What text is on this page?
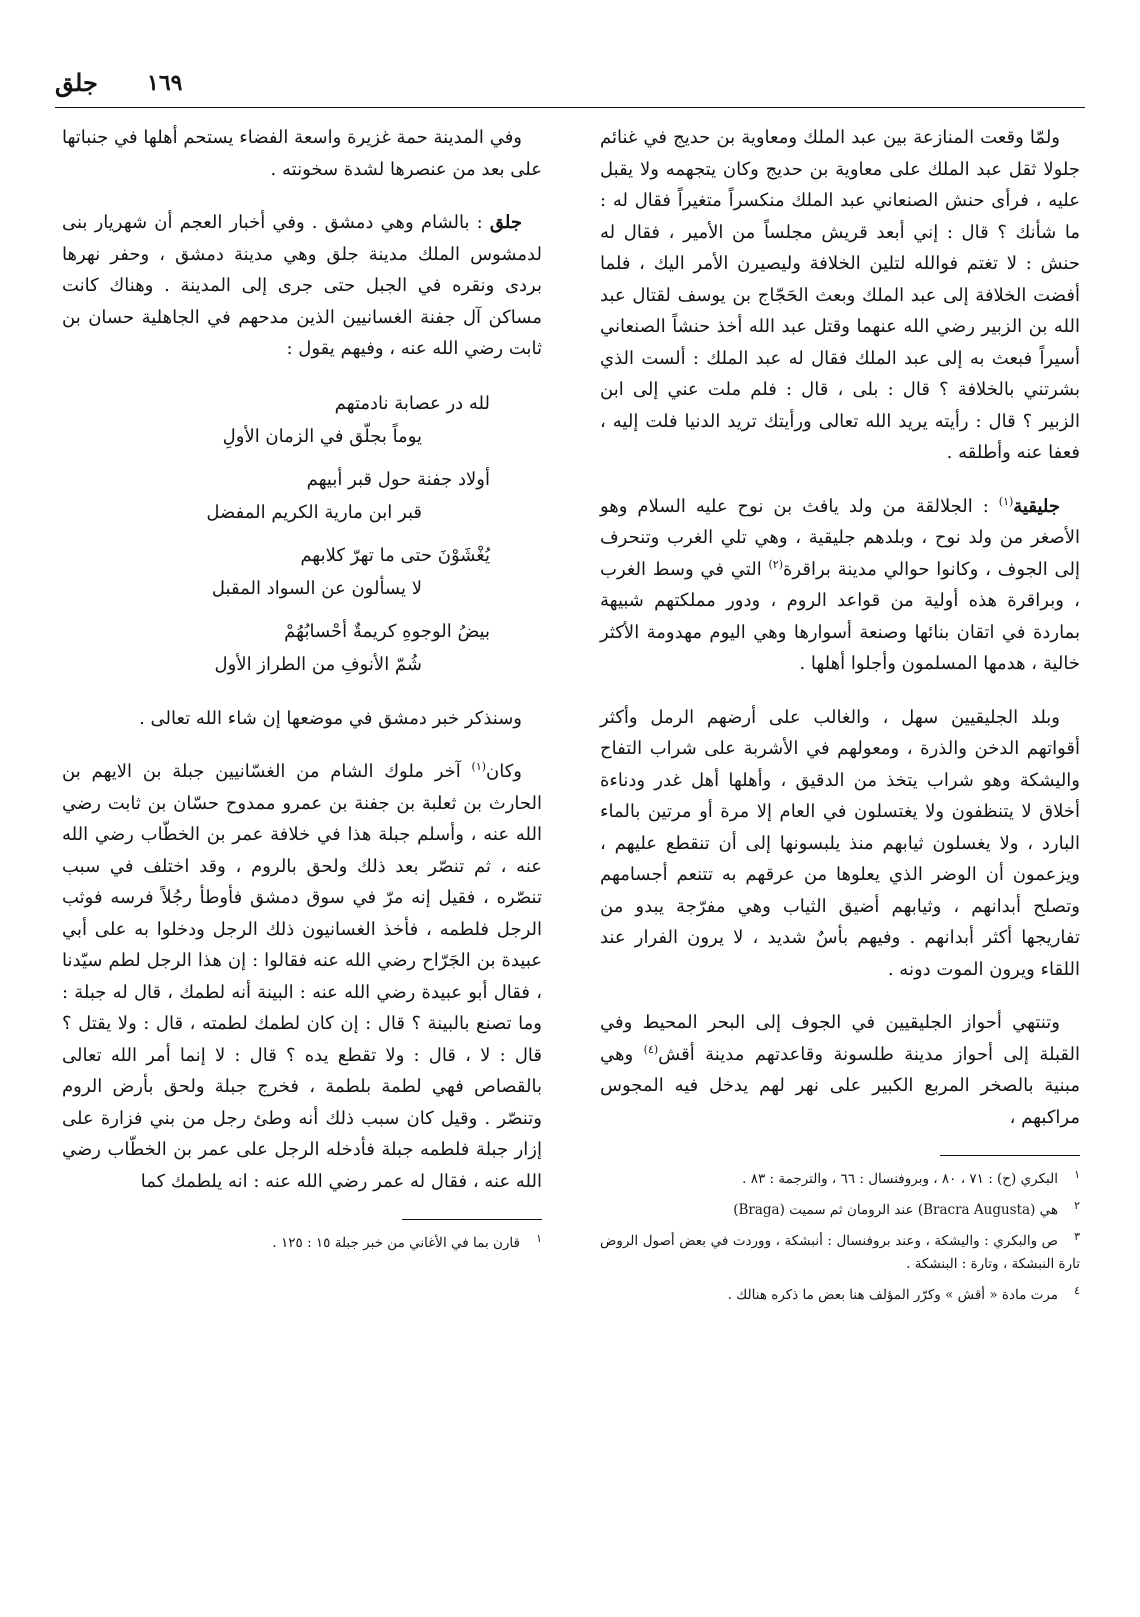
جلق ١٦٩

ولمّا وقعت المنازعة بين عبد الملك ومعاوية بن حديج في غنائم جلولا ثقل عبد الملك على معاوية بن حديج وكان يتجهمه ولا يقبل عليه ، فرأى حنش الصنعاني عبد الملك منكسراً متغيراً فقال له : ما شأنك ؟ قال : إني أبعد قريش مجلساً من الأمير ، فقال له حنش : لا تغتم فوالله لتلين الخلافة وليصيرن الأمر اليك ، فلما أفضت الخلافة إلى عبد الملك وبعث الحَجّاج بن يوسف لقتال عبد الله بن الزبير رضي الله عنهما وقتل عبد الله أخذ حنشاً الصنعاني أسيراً فبعث به إلى عبد الملك فقال له عبد الملك : ألست الذي بشرتني بالخلافة ؟ قال : بلى ، قال : فلم ملت عني إلى ابن الزبير ؟ قال : رأيته يريد الله تعالى ورأيتك تريد الدنيا فلت إليه ، فعفا عنه وأطلقه .

جليقية$^{(١)}$ : الجلالقة من ولد يافث بن نوح عليه السلام وهو الأصغر من ولد نوح ، وبلدهم جليقية ، وهي تلي الغرب وتنحرف إلى الجوف ، وكانوا حوالي مدينة براقرة$^{(٢)}$ التي في وسط الغرب ، وبراقرة هذه أولية من قواعد الروم ، ودور مملكتهم شبيهة بماردة في اتقان بنائها وصنعة أسوارها وهي اليوم مهدومة الأكثر خالية ، هدمها المسلمون وأجلوا أهلها .

وبلد الجليقيين سهل ، والغالب على أرضهم الرمل وأكثر أقواتهم الدخن والذرة ، ومعولهم في الأشربة على شراب التفاح واليشكة وهو شراب يتخذ من الدقيق ، وأهلها أهل غدر ودناءة أخلاق لا يتنظفون ولا يغتسلون في العام إلا مرة أو مرتين بالماء البارد ، ولا يغسلون ثيابهم منذ يلبسونها إلى أن تنقطع عليهم ، ويزعمون أن الوضر الذي يعلوها من عرقهم به تتنعم أجسامهم وتصلح أبدانهم ، وثيابهم أضيق الثياب وهي مفرّجة يبدو من تفاريجها أكثر أبدانهم . وفيهم بأسٌ شديد ، لا يرون الفرار عند اللقاء ويرون الموت دونه .

وتنتهي أحواز الجليقيين في الجوف إلى البحر المحيط وفي القبلة إلى أحواز مدينة طلسونة وقاعدتهم مدينة أقش$^{(٤)}$ وهي مبنية بالصخر المربع الكبير على نهر لهم يدخل فيه المجوس مراكبهم ،

١البكري (ح) : ٧١ ، ٨٠ ، وبروفنسال : ٦٦ ، والترجمة : ٨٣ .

٢هي (Bracra Augusta) عند الرومان ثم سميت (Braga)

٣ص والبكري : واليشكة ، وعند بروفنسال : أنبشكة ، ووردت في بعض أصول الروض تارة النبشكة ، وتارة : البنشكة .

٤مرت مادة « أقش » وكرّر المؤلف هنا بعض ما ذكره هنالك .

وفي المدينة حمة غزيرة واسعة الفضاء يستحم أهلها في جنباتها على بعد من عنصرها لشدة سخونته .

جلق : بالشام وهي دمشق . وفي أخبار العجم أن شهريار بنى لدمشوس الملك مدينة جلق وهي مدينة دمشق ، وحفر نهرها بردى ونقره في الجبل حتى جرى إلى المدينة . وهناك كانت مساكن آل جفنة الغسانيين الذين مدحهم في الجاهلية حسان بن ثابت رضي الله عنه ، وفيهم يقول :

لله در عصابة نادمتهم
يوماً بجلّق في الزمان الأولِ
أولاد جفنة حول قبر أبيهم
قبر ابن مارية الكريم المفضل
يُغْشَوْنَ حتى ما تهرّ كلابهم
لا يسألون عن السواد المقبل
بيضُ الوجوهِ كريمةٌ أحْسابُهُمْ
شُمّ الأنوفِ من الطراز الأول

وسنذكر خبر دمشق في موضعها إن شاء الله تعالى .

وكان$^{(١)}$ آخر ملوك الشام من الغسّانيين جبلة بن الايهم بن الحارث بن ثعلبة بن جفنة بن عمرو ممدوح حسّان بن ثابت رضي الله عنه ، وأسلم جبلة هذا في خلافة عمر بن الخطّاب رضي الله عنه ، ثم تنصّر بعد ذلك ولحق بالروم ، وقد اختلف في سبب تنصّره ، فقيل إنه مرّ في سوق دمشق فأوطأ رجُلاً فرسه فوثب الرجل فلطمه ، فأخذ الغسانيون ذلك الرجل ودخلوا به على أبي عبيدة بن الجَرّاح رضي الله عنه فقالوا : إن هذا الرجل لطم سيّدنا ، فقال أبو عبيدة رضي الله عنه : البينة أنه لطمك ، قال له جبلة : وما تصنع بالبينة ؟ قال : إن كان لطمك لطمته ، قال : ولا يقتل ؟ قال : لا ، قال : ولا تقطع يده ؟ قال : لا إنما أمر الله تعالى بالقصاص فهي لطمة بلطمة ، فخرج جبلة ولحق بأرض الروم وتنصّر . وقيل كان سبب ذلك أنه وطئ رجل من بني فزارة على إزار جبلة فلطمه جبلة فأدخله الرجل على عمر بن الخطّاب رضي الله عنه ، فقال له عمر رضي الله عنه : انه يلطمك كما

١قارن بما في الأغاني من خبر جبلة ١٥ : ١٢٥ .
